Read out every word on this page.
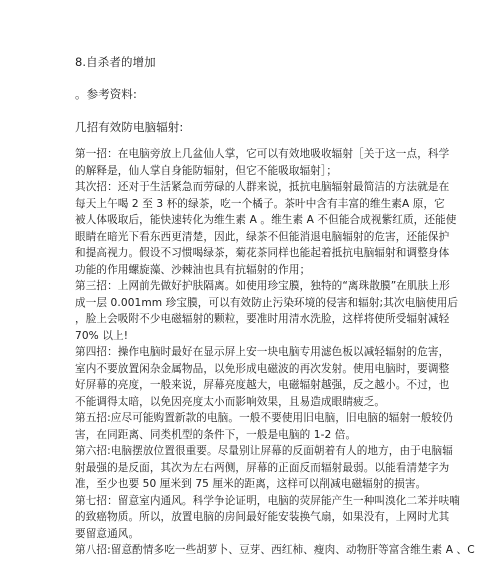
8.自杀者的增加
。参考资料:
几招有效防电脑辐射:
第一招：在电脑旁放上几盆仙人掌，它可以有效地吸收辐射［关于这一点，科学
的解释是，仙人掌自身能防辐射，但它不能吸取辐射］；
其次招：还对于生活紧急而劳碌的人群来说，抵抗电脑辐射最简洁的方法就是在
每天上午喝 2 至 3 杯的绿茶，吃一个橘子。茶叶中含有丰富的维生素A 原，它
被人体吸取后，能快速转化为维生素 A 。维生素 A 不但能合成视紫红质，还能使
眼睛在暗光下看东西更清楚，因此，绿茶不但能消退电脑辐射的危害，还能保护
和提高视力。假设不习惯喝绿茶，菊花茶同样也能起着抵抗电脑辐射和调整身体
功能的作用螺旋藻、沙棘油也具有抗辐射的作用；
第三招：上网前先做好护肤隔离。如使用珍宝膜，独特的“离珠散膜”在肌肤上形
成一层 0.001mm 珍宝膜，可以有效防止污染环境的侵害和辐射;其次电脑使用后
，脸上会吸附不少电磁辐射的颗粒，要准时用清水洗脸，这样将使所受辐射减轻
70% 以上!
第四招：操作电脑时最好在显示屏上安一块电脑专用滤色板以减轻辐射的危害，
室内不要放置闲杂金属物品，以免形成电磁波的再次发射。使用电脑时，要调整
好屏幕的亮度，一般来说，屏幕亮度越大，电磁辐射越强，反之越小。不过，也
不能调得太暗，以免因亮度太小而影响效果，且易造成眼睛疲乏。
第五招:应尽可能购置新款的电脑。一般不要使用旧电脑，旧电脑的辐射一般较仍
害，在同距离、同类机型的条件下，一般是电脑的 1-2 倍。
第六招:电脑摆放位置很重要。尽量别让屏幕的反面朝着有人的地方，由于电脑辐
射最强的是反面，其次为左右两侧，屏幕的正面反而辐射最弱。以能看清楚字为
准，至少也要 50 厘米到 75 厘米的距离，这样可以削减电磁辐射的损害。
第七招：留意室内通风。科学争论证明，电脑的荧屏能产生一种叫溴化二苯并呋喃
的致癌物质。所以，放置电脑的房间最好能安装换气扇，如果没有，上网时尤其
要留意通风。
第八招:留意酌情多吃一些胡萝卜、豆芽、西红柿、瘦肉、动物肝等富含维生素 A 、C
